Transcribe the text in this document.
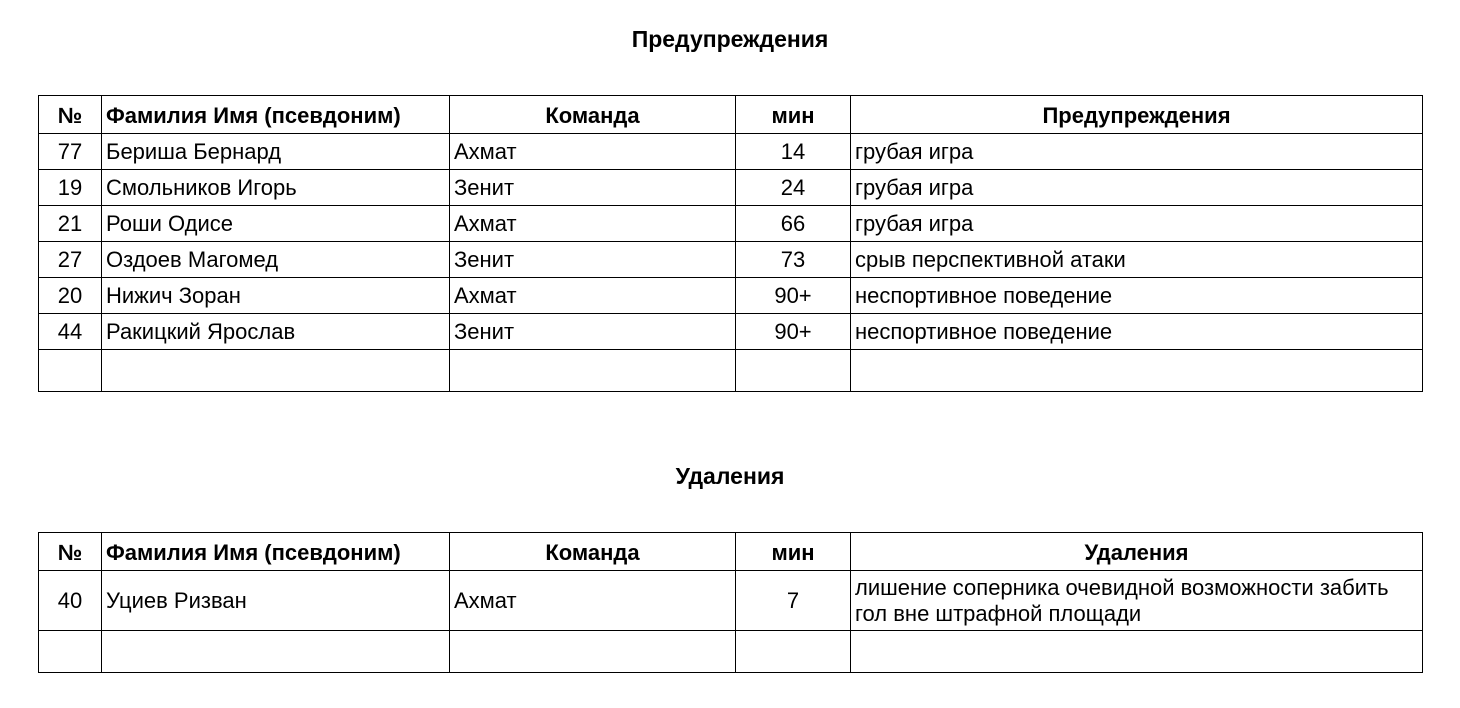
Предупреждения
№	Фамилия Имя (псевдоним)	Команда	мин	Предупреждения
77	Бериша Бернард	Ахмат	14	грубая игра
19	Смольников Игорь	Зенит	24	грубая игра
21	Роши Одисе	Ахмат	66	грубая игра
27	Оздоев Магомед	Зенит	73	срыв перспективной атаки
20	Нижич Зоран	Ахмат	90+	неспортивное поведение
44	Ракицкий Ярослав	Зенит	90+	неспортивное поведение

Удаления
№	Фамилия Имя (псевдоним)	Команда	мин	Удаления
40	Уциев Ризван	Ахмат	7	лишение соперника очевидной возможности забить гол вне штрафной площади
